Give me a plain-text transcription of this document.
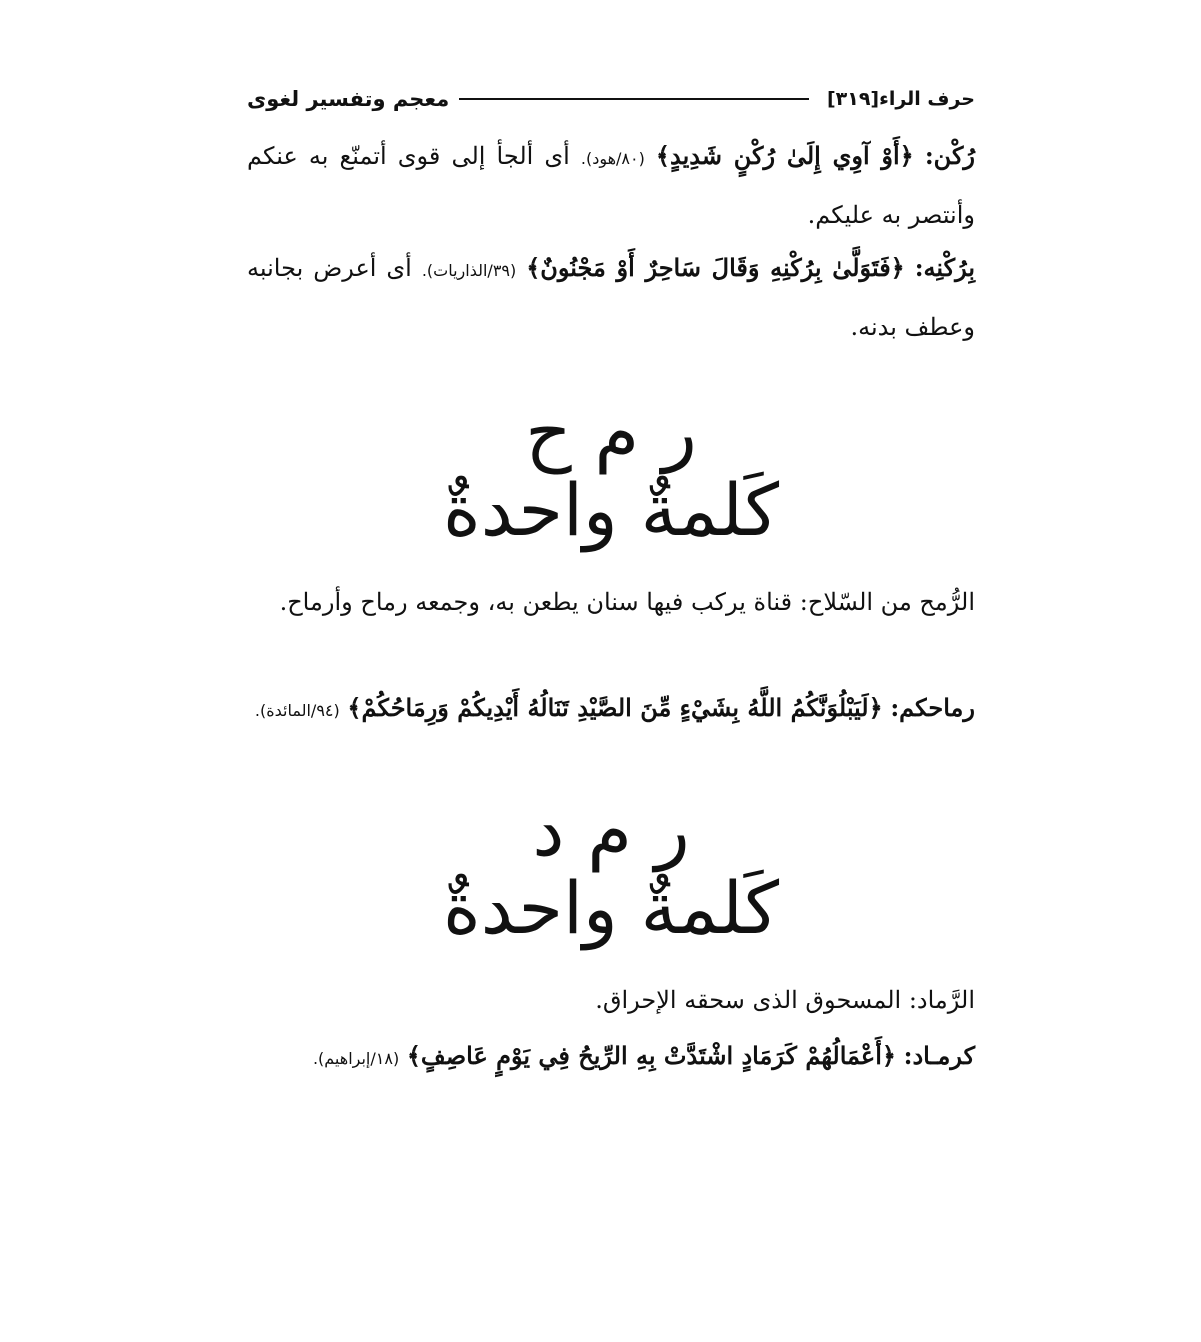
معجم وتفسير لغوى	حرف الراء
[٣١٩]
رُكْن: ﴿أَوْ آوِي إِلَىٰ رُكْنٍ شَدِيدٍ﴾ (٨٠/هود). أى ألجأ إلى قوى أتمنّع به عنكم وأنتصر به عليكم.
بِرُكْنِه: ﴿فَتَوَلَّىٰ بِرُكْنِهِ وَقَالَ سَاحِرٌ أَوْ مَجْنُونٌ﴾ (٣٩/الذاريات). أى أعرض بجانبه وعطف بدنه.
ر م ح
كَلمةٌ واحدةٌ
الرُّمح من السّلاح: قناة يركب فيها سنان يطعن به، وجمعه رماح وأرماح.
رماحكم: ﴿لَيَبْلُوَنَّكُمُ اللَّهُ بِشَيْءٍ مِّنَ الصَّيْدِ تَنَالُهُ أَيْدِيكُمْ وَرِمَاحُكُمْ﴾ (٩٤/المائدة).
ر م د
كَلمةٌ واحدةٌ
الرَّماد: المسحوق الذى سحقه الإحراق.
كرمـاد: ﴿أَعْمَالُهُمْ كَرَمَادٍ اشْتَدَّتْ بِهِ الرِّيحُ فِي يَوْمٍ عَاصِفٍ﴾ (١٨/إبراهيم).
